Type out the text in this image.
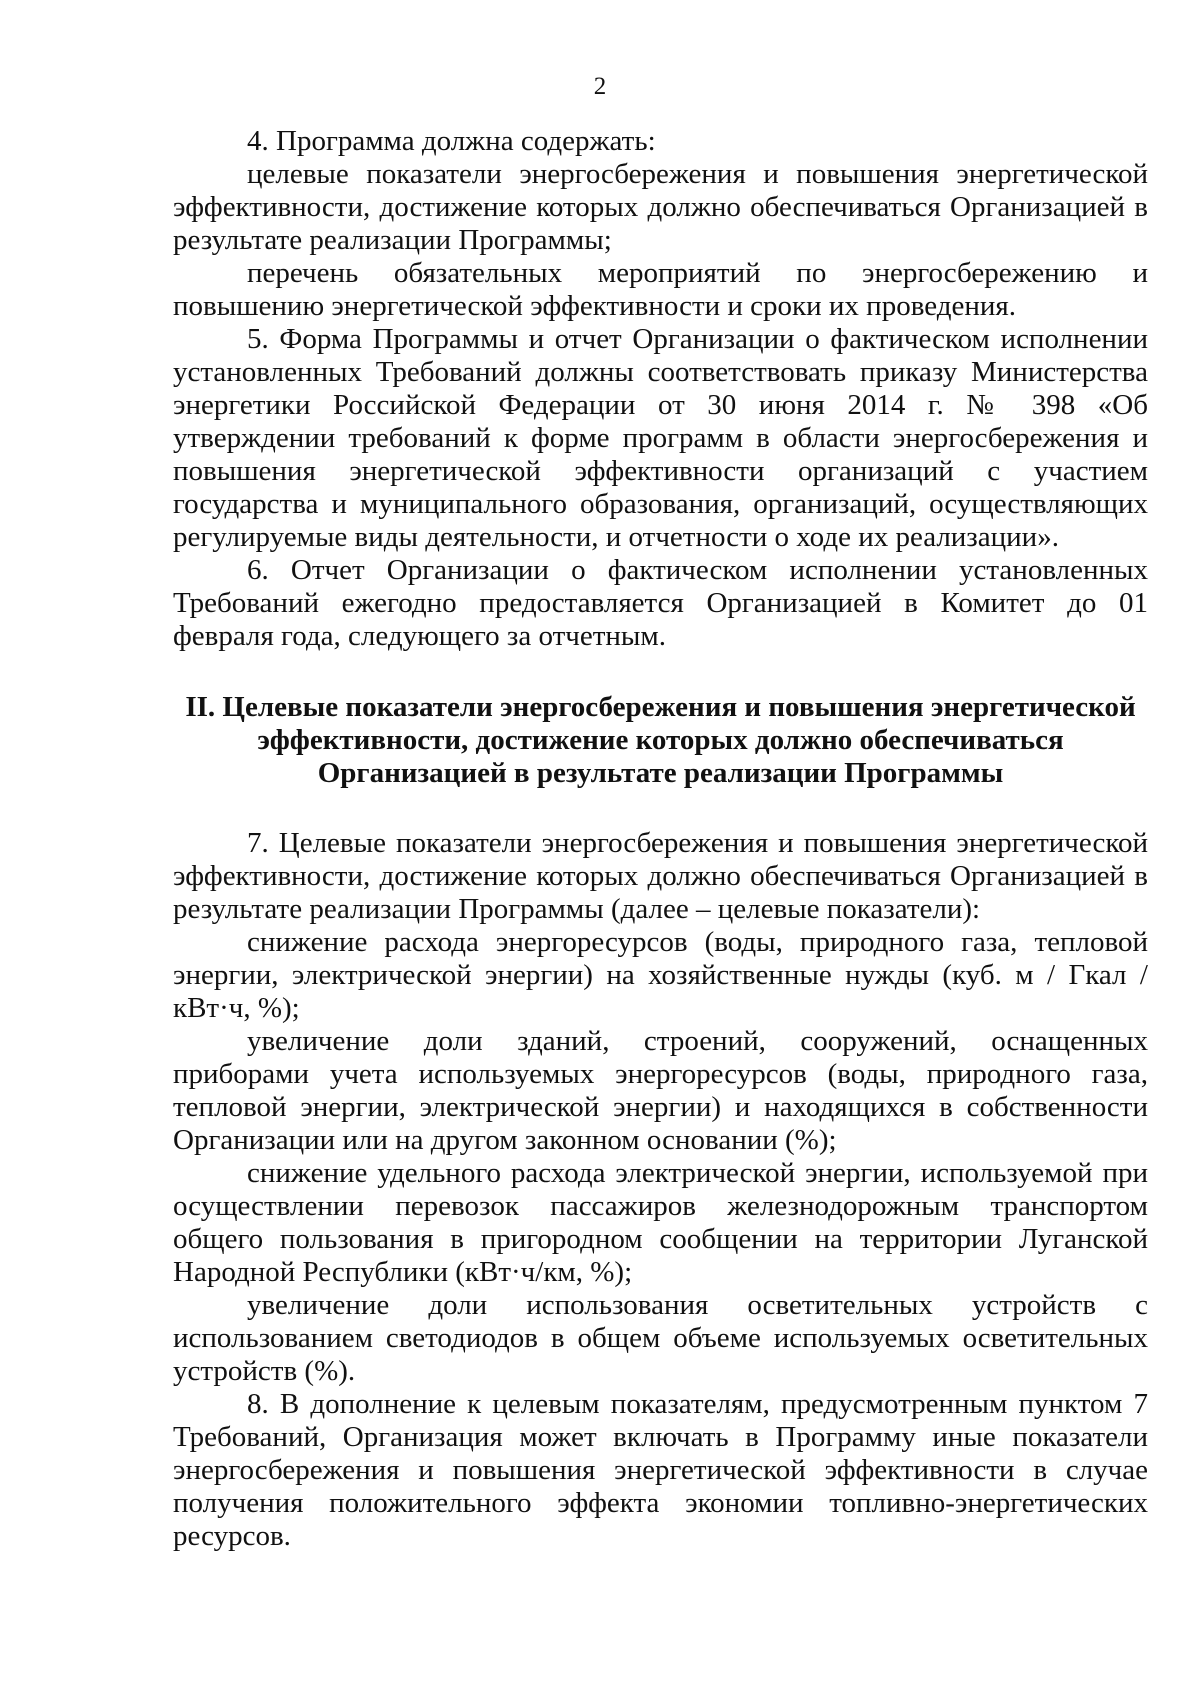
2

4. Программа должна содержать:

целевые показатели энергосбережения и повышения энергетической эффективности, достижение которых должно обеспечиваться Организацией в результате реализации Программы;

перечень обязательных мероприятий по энергосбережению и повышению энергетической эффективности и сроки их проведения.

5. Форма Программы и отчет Организации о фактическом исполнении установленных Требований должны соответствовать приказу Министерства энергетики Российской Федерации от 30 июня 2014 г. № 398 «Об утверждении требований к форме программ в области энергосбережения и повышения энергетической эффективности организаций с участием государства и муниципального образования, организаций, осуществляющих регулируемые виды деятельности, и отчетности о ходе их реализации».

6. Отчет Организации о фактическом исполнении установленных Требований ежегодно предоставляется Организацией в Комитет до 01 февраля года, следующего за отчетным.

II. Целевые показатели энергосбережения и повышения энергетической
эффективности, достижение которых должно обеспечиваться
Организацией в результате реализации Программы

7. Целевые показатели энергосбережения и повышения энергетической эффективности, достижение которых должно обеспечиваться Организацией в результате реализации Программы (далее – целевые показатели):

снижение расхода энергоресурсов (воды, природного газа, тепловой энергии, электрической энергии) на хозяйственные нужды (куб. м / Гкал / кВт·ч, %);

увеличение доли зданий, строений, сооружений, оснащенных приборами учета используемых энергоресурсов (воды, природного газа, тепловой энергии, электрической энергии) и находящихся в собственности Организации или на другом законном основании (%);

снижение удельного расхода электрической энергии, используемой при осуществлении перевозок пассажиров железнодорожным транспортом общего пользования в пригородном сообщении на территории Луганской Народной Республики (кВт·ч/км, %);

увеличение доли использования осветительных устройств с использованием светодиодов в общем объеме используемых осветительных устройств (%).

8. В дополнение к целевым показателям, предусмотренным пунктом 7 Требований, Организация может включать в Программу иные показатели энергосбережения и повышения энергетической эффективности в случае получения положительного эффекта экономии топливно-энергетических ресурсов.
